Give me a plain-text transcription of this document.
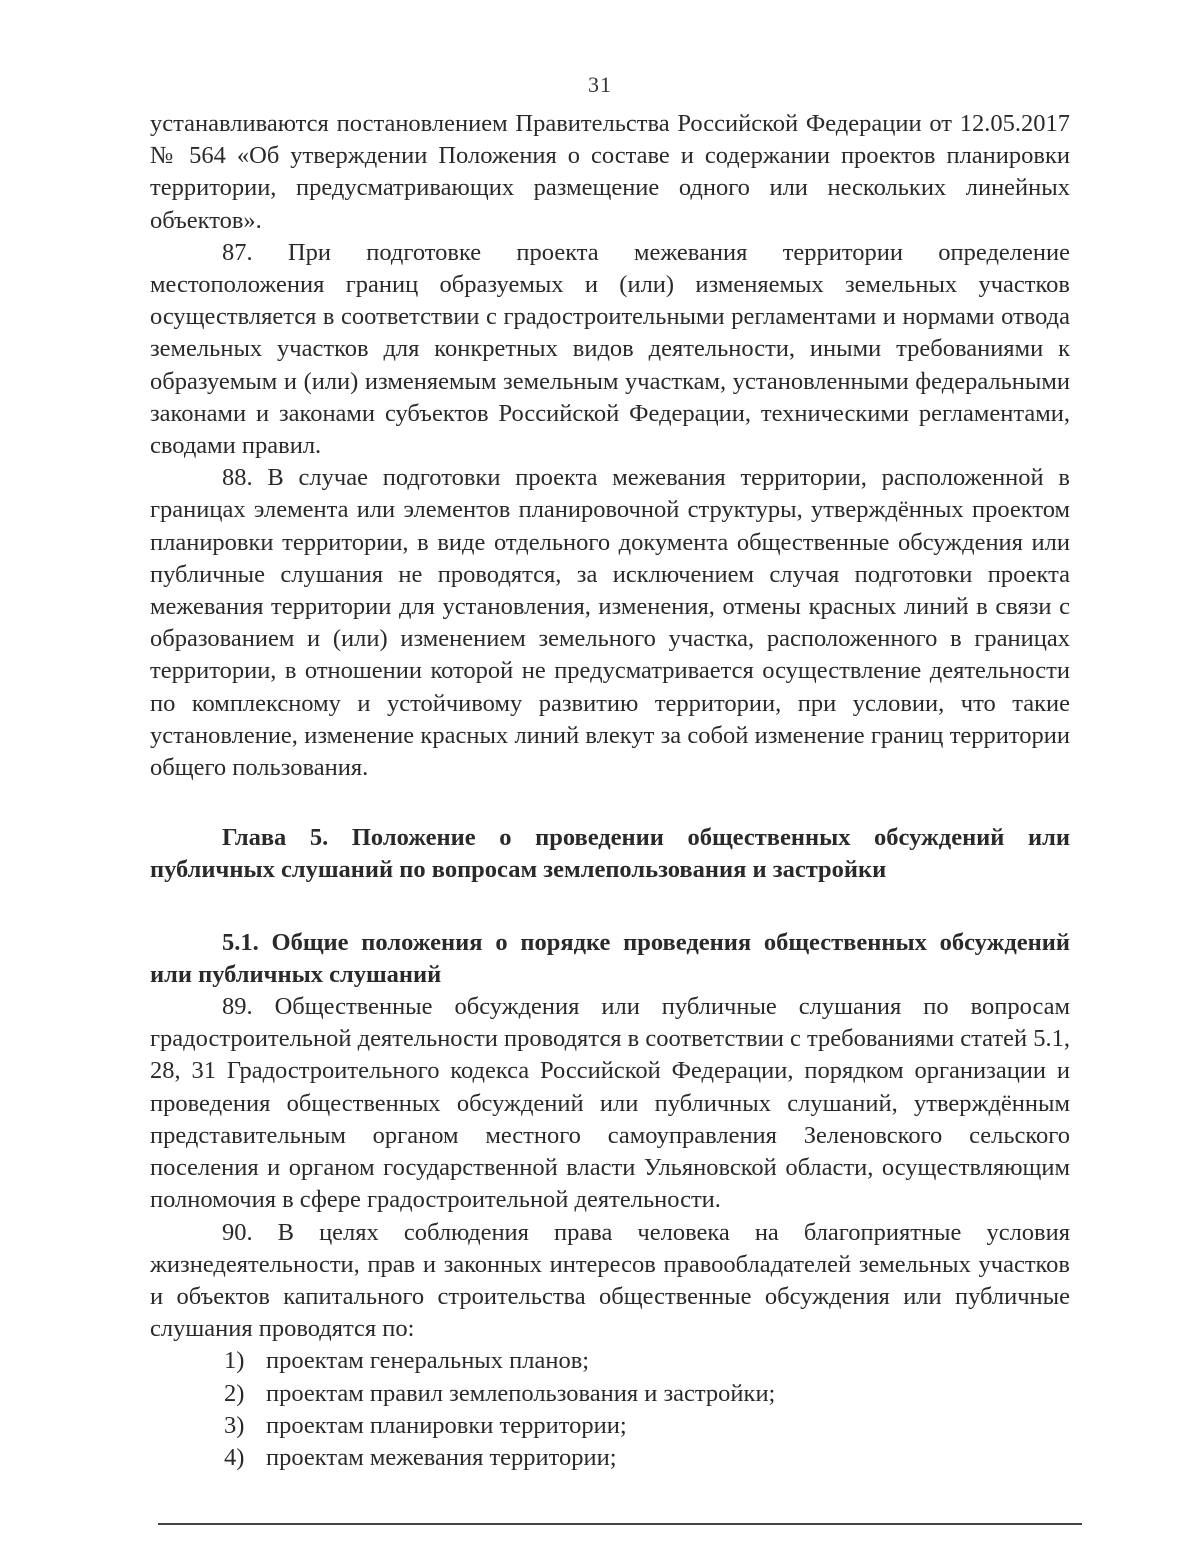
31

устанавливаются постановлением Правительства Российской Федерации от 12.05.2017 № 564 «Об утверждении Положения о составе и содержании проектов планировки территории, предусматривающих размещение одного или нескольких линейных объектов».

87. При подготовке проекта межевания территории определение местоположения границ образуемых и (или) изменяемых земельных участков осуществляется в соответствии с градостроительными регламентами и нормами отвода земельных участков для конкретных видов деятельности, иными требованиями к образуемым и (или) изменяемым земельным участкам, установленными федеральными законами и законами субъектов Российской Федерации, техническими регламентами, сводами правил.

88. В случае подготовки проекта межевания территории, расположенной в границах элемента или элементов планировочной структуры, утверждённых проектом планировки территории, в виде отдельного документа общественные обсуждения или публичные слушания не проводятся, за исключением случая подготовки проекта межевания территории для установления, изменения, отмены красных линий в связи с образованием и (или) изменением земельного участка, расположенного в границах территории, в отношении которой не предусматривается осуществление деятельности по комплексному и устойчивому развитию территории, при условии, что такие установление, изменение красных линий влекут за собой изменение границ территории общего пользования.

Глава 5. Положение о проведении общественных обсуждений или публичных слушаний по вопросам землепользования и застройки
5.1. Общие положения о порядке проведения общественных обсуждений или публичных слушаний

89. Общественные обсуждения или публичные слушания по вопросам градостроительной деятельности проводятся в соответствии с требованиями статей 5.1, 28, 31 Градостроительного кодекса Российской Федерации, порядком организации и проведения общественных обсуждений или публичных слушаний, утверждённым представительным органом местного самоуправления Зеленовского сельского поселения и органом государственной власти Ульяновской области, осуществляющим полномочия в сфере градостроительной деятельности.

90. В целях соблюдения права человека на благоприятные условия жизнедеятельности, прав и законных интересов правообладателей земельных участков и объектов капитального строительства общественные обсуждения или публичные слушания проводятся по:

1) проектам генеральных планов;
2) проектам правил землепользования и застройки;
3) проектам планировки территории;
4) проектам межевания территории;
